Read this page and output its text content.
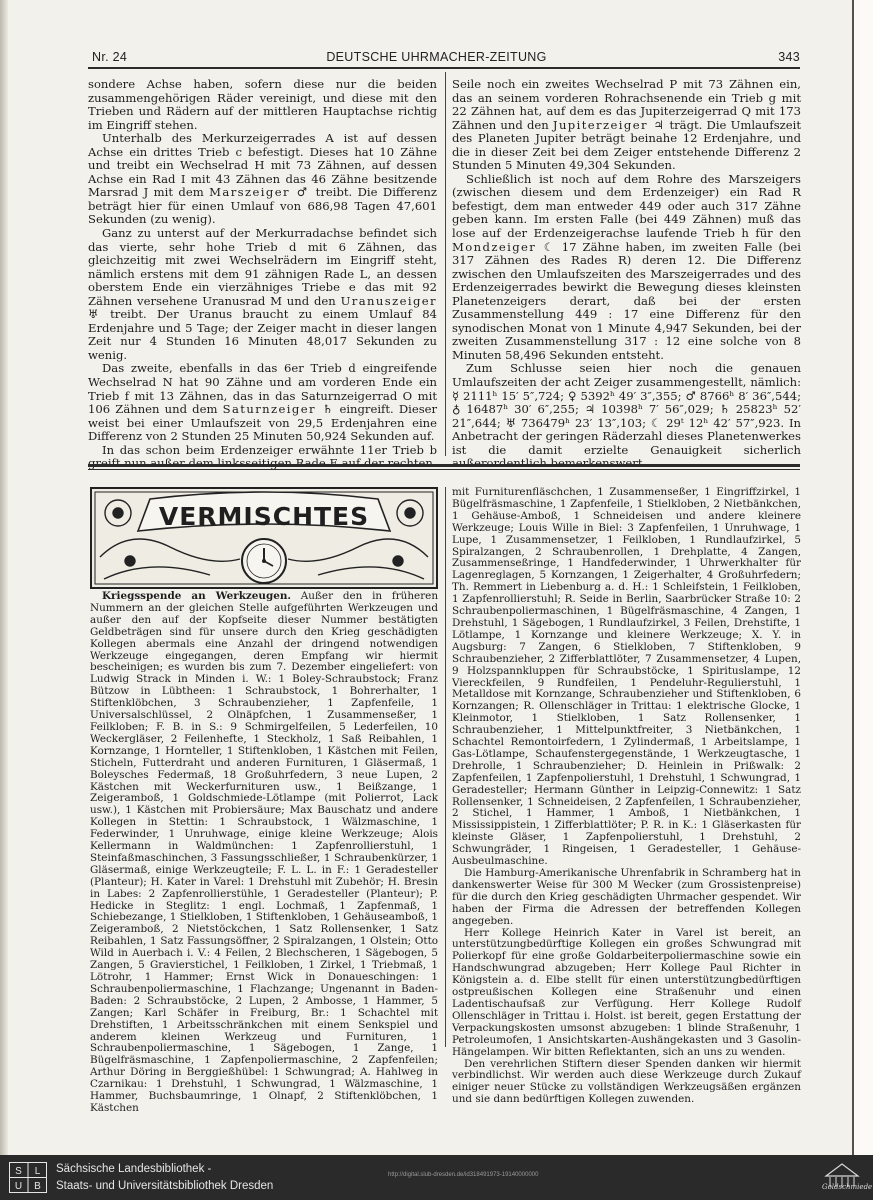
Nr. 24	DEUTSCHE UHRMACHER-ZEITUNG	343

sondere Achse haben, sofern diese nur die beiden zusammengehörigen Räder vereinigt, und diese mit den Trieben und Rädern auf der mittleren Hauptachse richtig im Eingriff stehen.

Unterhalb des Merkurzeigerrades A ist auf dessen Achse ein drittes Trieb c befestigt. Dieses hat 10 Zähne und treibt ein Wechselrad H mit 73 Zähnen, auf dessen Achse ein Rad I mit 43 Zähnen das 46 Zähne besitzende Marsrad J mit dem Marszeiger ♂ treibt. Die Differenz beträgt hier für einen Umlauf von 686,98 Tagen 47,601 Sekunden (zu wenig).

Ganz zu unterst auf der Merkurradachse befindet sich das vierte, sehr hohe Trieb d mit 6 Zähnen, das gleichzeitig mit zwei Wechselrädern im Eingriff steht, nämlich erstens mit dem 91 zähnigen Rade L, an dessen oberstem Ende ein vierzähniges Triebe e das mit 92 Zähnen versehene Uranusrad M und den Uranuszeiger ♅ treibt. Der Uranus braucht zu einem Umlauf 84 Erdenjahre und 5 Tage; der Zeiger macht in dieser langen Zeit nur 4 Stunden 16 Minuten 48,017 Sekunden zu wenig.

Das zweite, ebenfalls in das 6er Trieb d eingreifende Wechselrad N hat 90 Zähne und am vorderen Ende ein Trieb f mit 13 Zähnen, das in das Saturnzeigerrad O mit 106 Zähnen und dem Saturnzeiger ♄ eingreift. Dieser weist bei einer Umlaufszeit von 29,5 Erdenjahren eine Differenz von 2 Stunden 25 Minuten 50,924 Sekunden auf.

In das schon beim Erdenzeiger erwähnte 11er Trieb b greift nun außer dem linksseitigen Rade E auf der rechten

Seile noch ein zweites Wechselrad P mit 73 Zähnen ein, das an seinem vorderen Rohrachsenende ein Trieb g mit 22 Zähnen hat, auf dem es das Jupiterzeigerrad Q mit 173 Zähnen und den Jupiterzeiger ♃ trägt. Die Umlaufszeit des Planeten Jupiter beträgt beinahe 12 Erdenjahre, und die in dieser Zeit bei dem Zeiger entstehende Differenz 2 Stunden 5 Minuten 49,304 Sekunden.

Schließlich ist noch auf dem Rohre des Marszeigers (zwischen diesem und dem Erdenzeiger) ein Rad R befestigt, dem man entweder 449 oder auch 317 Zähne geben kann. Im ersten Falle (bei 449 Zähnen) muß das lose auf der Erdenzeigerachse laufende Trieb h für den Mondzeiger ☾ 17 Zähne haben, im zweiten Falle (bei 317 Zähnen des Rades R) deren 12. Die Differenz zwischen den Umlaufszeiten des Marszeigerrades und des Erdenzeigerrades bewirkt die Bewegung dieses kleinsten Planetenzeigers derart, daß bei der ersten Zusammenstellung 449 : 17 eine Differenz für den synodischen Monat von 1 Minute 4,947 Sekunden, bei der zweiten Zusammenstellung 317 : 12 eine solche von 8 Minuten 58,496 Sekunden entsteht.

Zum Schlusse seien hier noch die genauen Umlaufszeiten der acht Zeiger zusammengestellt, nämlich: ☿ 2111ʰ 15′ 5″,724; ♀ 5392ʰ 49′ 3″,355; ♂ 8766ʰ 8′ 36″,544; ♁ 16487ʰ 30′ 6″,255; ♃ 10398ʰ 7′ 56″,029; ♄ 25823ʰ 52′ 21″,644; ♅ 736479ʰ 23′ 13″,103; ☾ 29ᵗ 12ʰ 42′ 57″,923. In Anbetracht der geringen Räderzahl dieses Planetenwerkes ist die damit erzielte Genauigkeit sicherlich außerordentlich bemerkenswert.

VERMISCHTES

Kriegsspende an Werkzeugen. Außer den in früheren Nummern an der gleichen Stelle aufgeführten Werkzeugen und außer den auf der Kopfseite dieser Nummer bestätigten Geldbeträgen sind für unsere durch den Krieg geschädigten Kollegen abermals eine Anzahl der dringend notwendigen Werkzeuge eingegangen, deren Empfang wir hiermit bescheinigen; es wurden bis zum 7. Dezember eingeliefert: von Ludwig Strack in Minden i. W.: 1 Boley-Schraubstock; Franz Bützow in Lübtheen: 1 Schraubstock, 1 Bohrerhalter, 1 Stiftenklöbchen, 3 Schraubenzieher, 1 Zapfenfeile, 1 Universalschlüssel, 2 Olnäpfchen, 1 Zusammenseßer, 1 Feilkloben; F. B. in S.: 9 Schmirgelfeilen, 5 Lederfeilen, 10 Weckergläser, 2 Feilenhefte, 1 Steckholz, 1 Saß Reibahlen, 1 Kornzange, 1 Hornteller, 1 Stiftenkloben, 1 Kästchen mit Feilen, Sticheln, Futterdraht und anderen Furnituren, 1 Gläsermaß, 1 Boleysches Federmaß, 18 Großuhrfedern, 3 neue Lupen, 2 Kästchen mit Weckerfurnituren usw., 1 Beißzange, 1 Zeigeramboß, 1 Goldschmiede-Lötlampe (mit Polierrot, Lack usw.), 1 Kästchen mit Probiersäure; Max Bauschatz und andere Kollegen in Stettin: 1 Schraubstock, 1 Wälzmaschine, 1 Federwinder, 1 Unruhwage, einige kleine Werkzeuge; Alois Kellermann in Waldmünchen: 1 Zapfenrollierstuhl, 1 Steinfaßmaschinchen, 3 Fassungsschließer, 1 Schraubenkürzer, 1 Gläsermaß, einige Werkzeugteile; F. L. L. in F.: 1 Geradesteller (Planteur); H. Kater in Varel: 1 Drehstuhl mit Zubehör; H. Bresin in Labes: 2 Zapfenrollierstühle, 1 Geradesteller (Planteur); P. Hedicke in Steglitz: 1 engl. Lochmaß, 1 Zapfenmaß, 1 Schiebezange, 1 Stielkloben, 1 Stiftenkloben, 1 Gehäuseamboß, 1 Zeigeramboß, 2 Nietstöckchen, 1 Satz Rollensenker, 1 Satz Reibahlen, 1 Satz Fassungsöffner, 2 Spiralzangen, 1 Olstein; Otto Wild in Auerbach i. V.: 4 Feilen, 2 Blechscheren, 1 Sägebogen, 5 Zangen, 5 Gravierstichel, 1 Feilkloben, 1 Zirkel, 1 Triebmaß, 1 Lötrohr, 1 Hammer; Ernst Wick in Donaueschingen: 1 Schraubenpoliermaschine, 1 Flachzange; Ungenannt in Baden-Baden: 2 Schraubstöcke, 2 Lupen, 2 Ambosse, 1 Hammer, 5 Zangen; Karl Schäfer in Freiburg, Br.: 1 Schachtel mit Drehstiften, 1 Arbeitsschränkchen mit einem Senkspiel und anderem kleinen Werkzeug und Furnituren, 1 Schraubenpoliermaschine, 1 Sägebogen, 1 Zange, 1 Bügelfräsmaschine, 1 Zapfenpoliermaschine, 2 Zapfenfeilen; Arthur Döring in Berggießhübel: 1 Schwungrad; A. Hahlweg in Czarnikau: 1 Drehstuhl, 1 Schwungrad, 1 Wälzmaschine, 1 Hammer, Buchsbaumringe, 1 Olnapf, 2 Stiftenklöbchen, 1 Kästchen

mit Furniturenfläschchen, 1 Zusammenseßer, 1 Eingriffzirkel, 1 Bügelfräsmaschine, 1 Zapfenfeile, 1 Stielkloben, 2 Nietbänkchen, 1 Gehäuse-Amboß, 1 Schneideisen und andere kleinere Werkzeuge; Louis Wille in Biel: 3 Zapfenfeilen, 1 Unruhwage, 1 Lupe, 1 Zusammensetzer, 1 Feilkloben, 1 Rundlaufzirkel, 5 Spiralzangen, 2 Schraubenrollen, 1 Drehplatte, 4 Zangen, Zusammenseßringe, 1 Handfederwinder, 1 Uhrwerkhalter für Lagenreglagen, 5 Kornzangen, 1 Zeigerhalter, 4 Großuhrfedern; Th. Remmert in Liebenburg a. d. H.: 1 Schleifstein, 1 Feilkloben, 1 Zapfenrollierstuhl; R. Seide in Berlin, Saarbrücker Straße 10: 2 Schraubenpoliermaschinen, 1 Bügelfräsmaschine, 4 Zangen, 1 Drehstuhl, 1 Sägebogen, 1 Rundlaufzirkel, 3 Feilen, Drehstifte, 1 Lötlampe, 1 Kornzange und kleinere Werkzeuge; X. Y. in Augsburg: 7 Zangen, 6 Stielkloben, 7 Stiftenkloben, 9 Schraubenzieher, 2 Zifferblattlöter, 7 Zusammensetzer, 4 Lupen, 9 Holzspannkluppen für Schraubstöcke, 1 Spirituslampe, 12 Viereckfeilen, 9 Rundfeilen, 1 Pendeluhr-Regulierstuhl, 1 Metalldose mit Kornzange, Schraubenzieher und Stiftenkloben, 6 Kornzangen; R. Ollenschläger in Trittau: 1 elektrische Glocke, 1 Kleinmotor, 1 Stielkloben, 1 Satz Rollensenker, 1 Schraubenzieher, 1 Mittelpunktfreiter, 3 Nietbänkchen, 1 Schachtel Remontoirfedern, 1 Zylindermaß, 1 Arbeitslampe, 1 Gas-Lötlampe, Schaufenstergegenstände, 1 Werkzeugtasche, 1 Drehrolle, 1 Schraubenzieher; D. Heinlein in Prißwalk: 2 Zapfenfeilen, 1 Zapfenpolierstuhl, 1 Drehstuhl, 1 Schwungrad, 1 Geradesteller; Hermann Günther in Leipzig-Connewitz: 1 Satz Rollensenker, 1 Schneideisen, 2 Zapfenfeilen, 1 Schraubenzieher, 2 Stichel, 1 Hammer, 1 Amboß, 1 Nietbänkchen, 1 Mississippistein, 1 Zifferblattlöter; P. R. in K.: 1 Gläserkasten für kleinste Gläser, 1 Zapfenpolierstuhl, 1 Drehstuhl, 2 Schwungräder, 1 Ringeisen, 1 Geradesteller, 1 Gehäuse-Ausbeulmaschine.

Die Hamburg-Amerikanische Uhrenfabrik in Schramberg hat in dankenswerter Weise für 300 M Wecker (zum Grossistenpreise) für die durch den Krieg geschädigten Uhrmacher gespendet. Wir haben der Firma die Adressen der betreffenden Kollegen angegeben.

Herr Kollege Heinrich Kater in Varel ist bereit, an unterstützungbedürftige Kollegen ein großes Schwungrad mit Polierkopf für eine große Goldarbeiterpoliermaschine sowie ein Handschwungrad abzugeben; Herr Kollege Paul Richter in Königstein a. d. Elbe stellt für einen unterstützungbedürftigen ostpreußischen Kollegen eine Straßenuhr und einen Ladentischaufsaß zur Verfügung. Herr Kollege Rudolf Ollenschläger in Trittau i. Holst. ist bereit, gegen Erstattung der Verpackungskosten umsonst abzugeben: 1 blinde Straßenuhr, 1 Petroleumofen, 1 Ansichtskarten-Aushängekasten und 3 Gasolin-Hängelampen. Wir bitten Reflektanten, sich an uns zu wenden.

Den verehrlichen Stiftern dieser Spenden danken wir hiermit verbindlichst. Wir werden auch diese Werkzeuge durch Zukauf einiger neuer Stücke zu vollständigen Werkzeugsäßen ergänzen und sie dann bedürftigen Kollegen zuwenden.

S L
U B
Sächsische Landesbibliothek -
Staats- und Universitätsbibliothek Dresden
http://digital.slub-dresden.de/id318491973-19140000000
Goldschmiede
